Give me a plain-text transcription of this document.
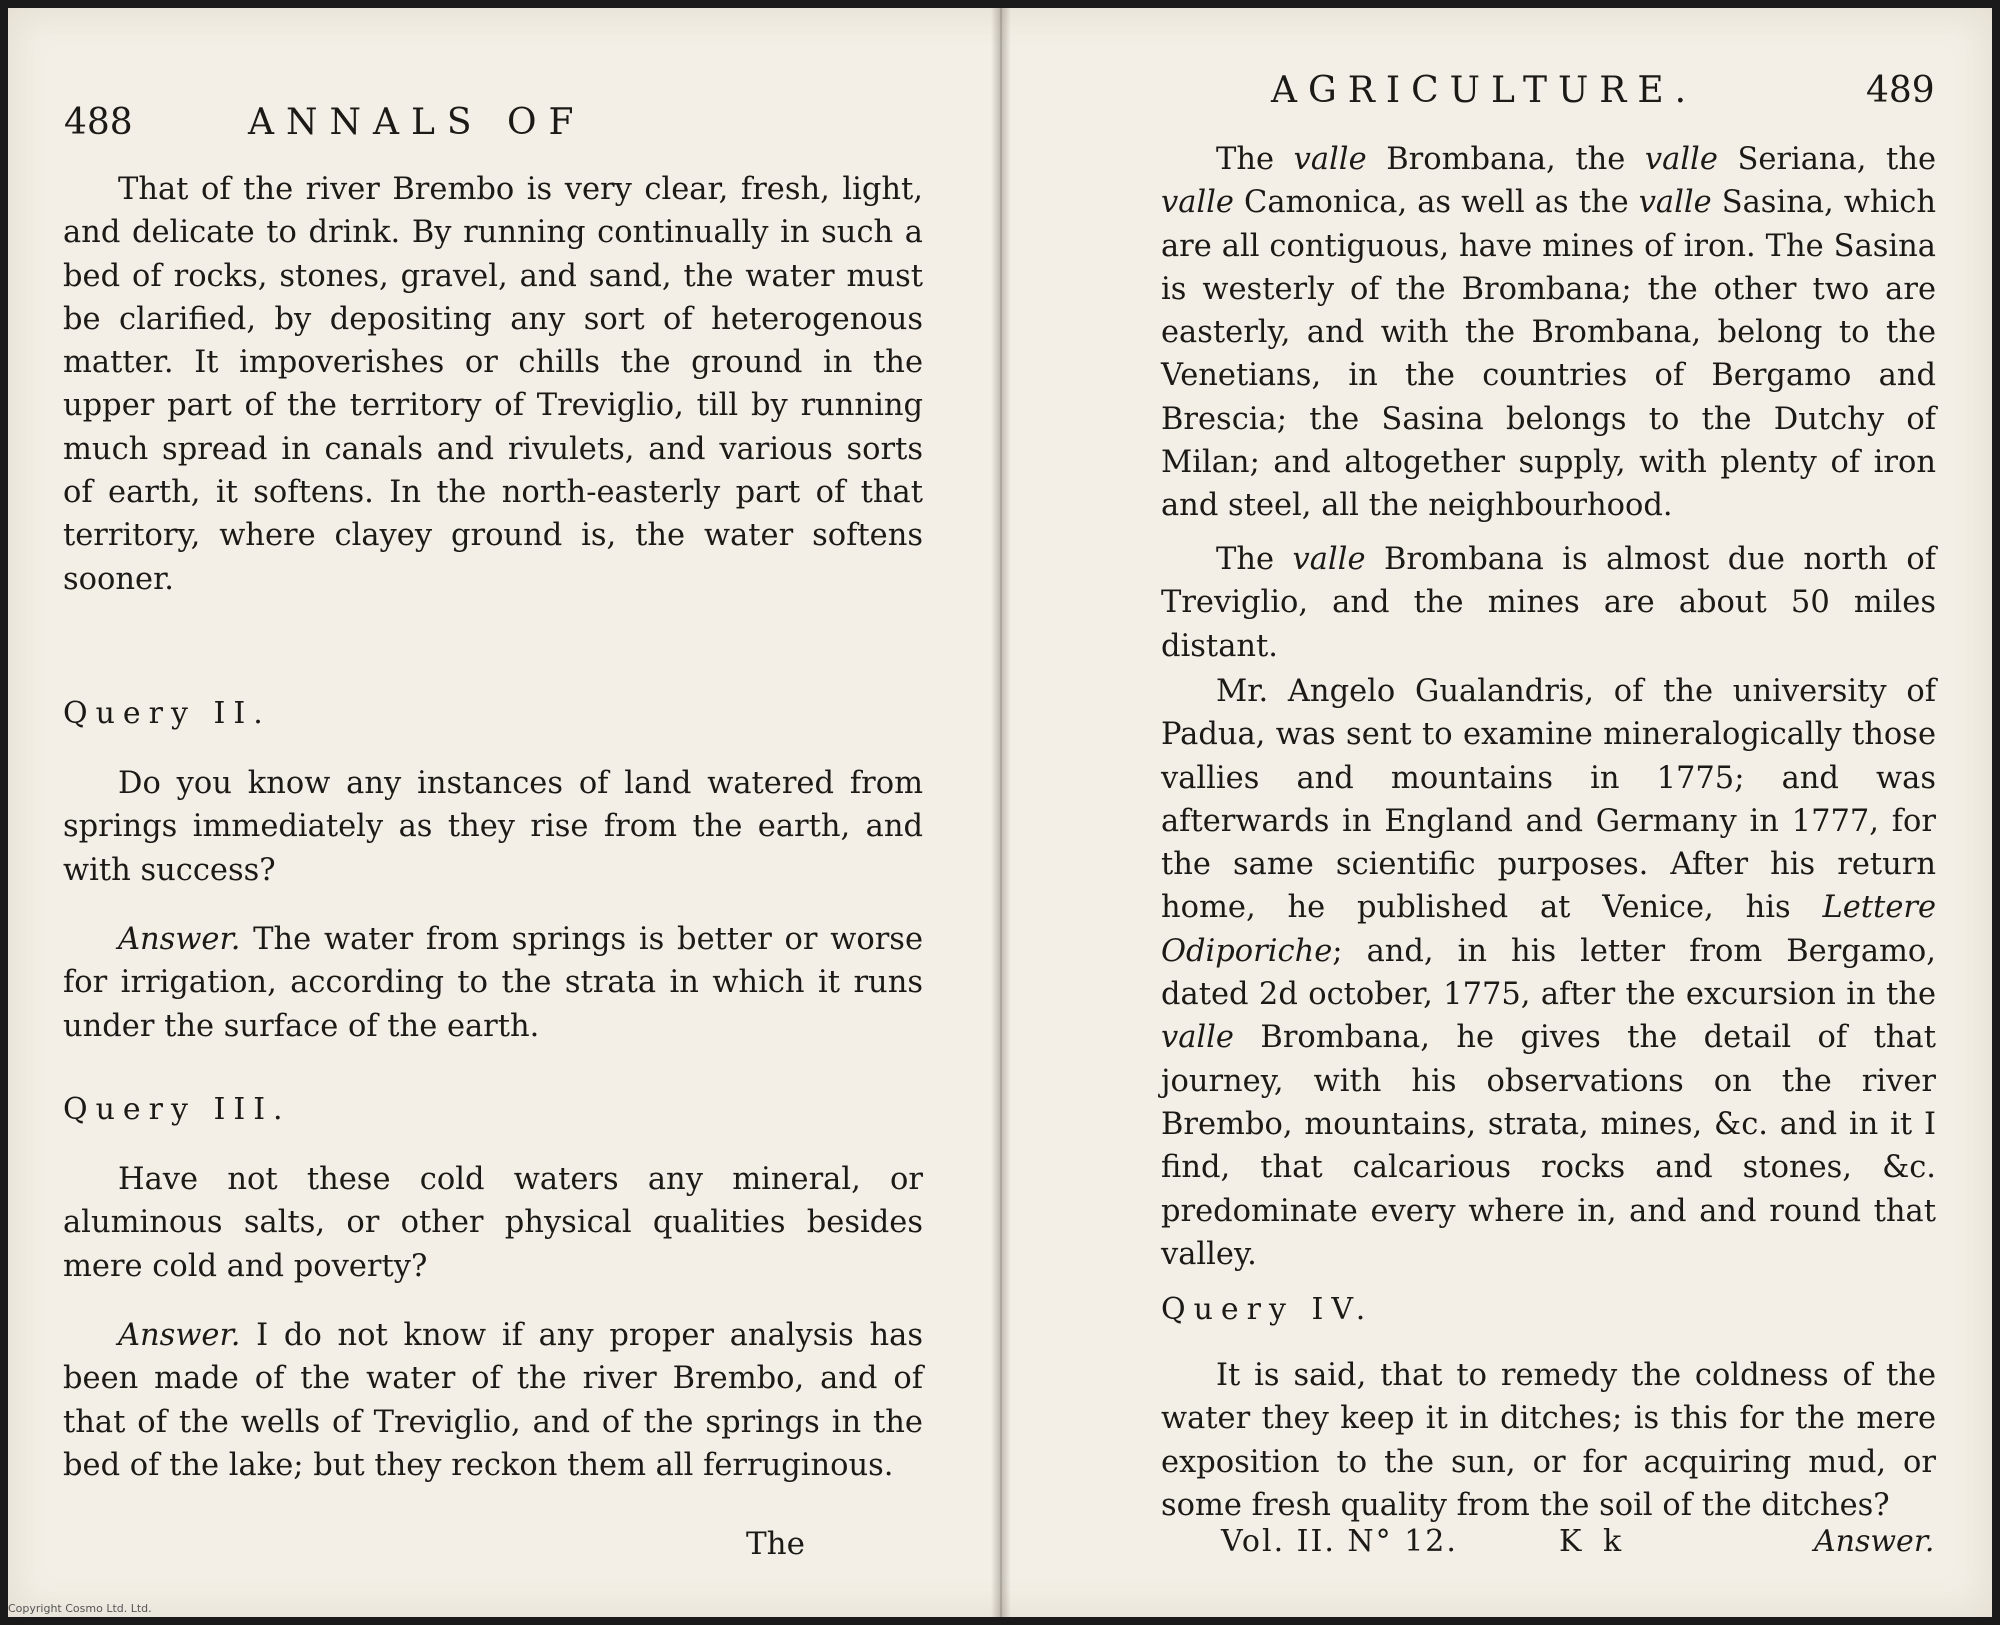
488	ANNALS OF

That of the river Brembo is very clear, fresh, light, and delicate to drink. By running continually in such a bed of rocks, stones, gravel, and sand, the water must be clarified, by depositing any sort of heterogenous matter. It impoverishes or chills the ground in the upper part of the territory of Treviglio, till by running much spread in canals and rivulets, and various sorts of earth, it softens. In the north-easterly part of that territory, where clayey ground is, the water softens sooner.

Query II.

Do you know any instances of land watered from springs immediately as they rise from the earth, and with success?

Answer. The water from springs is better or worse for irrigation, according to the strata in which it runs under the surface of the earth.

Query III.

Have not these cold waters any mineral, or aluminous salts, or other physical qualities besides mere cold and poverty?

Answer. I do not know if any proper analysis has been made of the water of the river Brembo, and of that of the wells of Treviglio, and of the springs in the bed of the lake; but they reckon them all ferruginous.

The
AGRICULTURE.	489

The valle Brombana, the valle Seriana, the valle Camonica, as well as the valle Sasina, which are all contiguous, have mines of iron. The Sasina is westerly of the Brombana; the other two are easterly, and with the Brombana, belong to the Venetians, in the countries of Bergamo and Brescia; the Sasina belongs to the Dutchy of Milan; and altogether supply, with plenty of iron and steel, all the neighbourhood.

The valle Brombana is almost due north of Treviglio, and the mines are about 50 miles distant.

Mr. Angelo Gualandris, of the university of Padua, was sent to examine mineralogically those vallies and mountains in 1775; and was afterwards in England and Germany in 1777, for the same scientific purposes. After his return home, he published at Venice, his Lettere Odiporiche; and, in his letter from Bergamo, dated 2d october, 1775, after the excursion in the valle Brombana, he gives the detail of that journey, with his observations on the river Brembo, mountains, strata, mines, &c. and in it I find, that calcarious rocks and stones, &c. predominate every where in, and and round that valley.

Query IV.

It is said, that to remedy the coldness of the water they keep it in ditches; is this for the mere exposition to the sun, or for acquiring mud, or some fresh quality from the soil of the ditches?

Vol. II. N° 12.	K k	Answer.
Copyright Cosmo Ltd. Ltd.
